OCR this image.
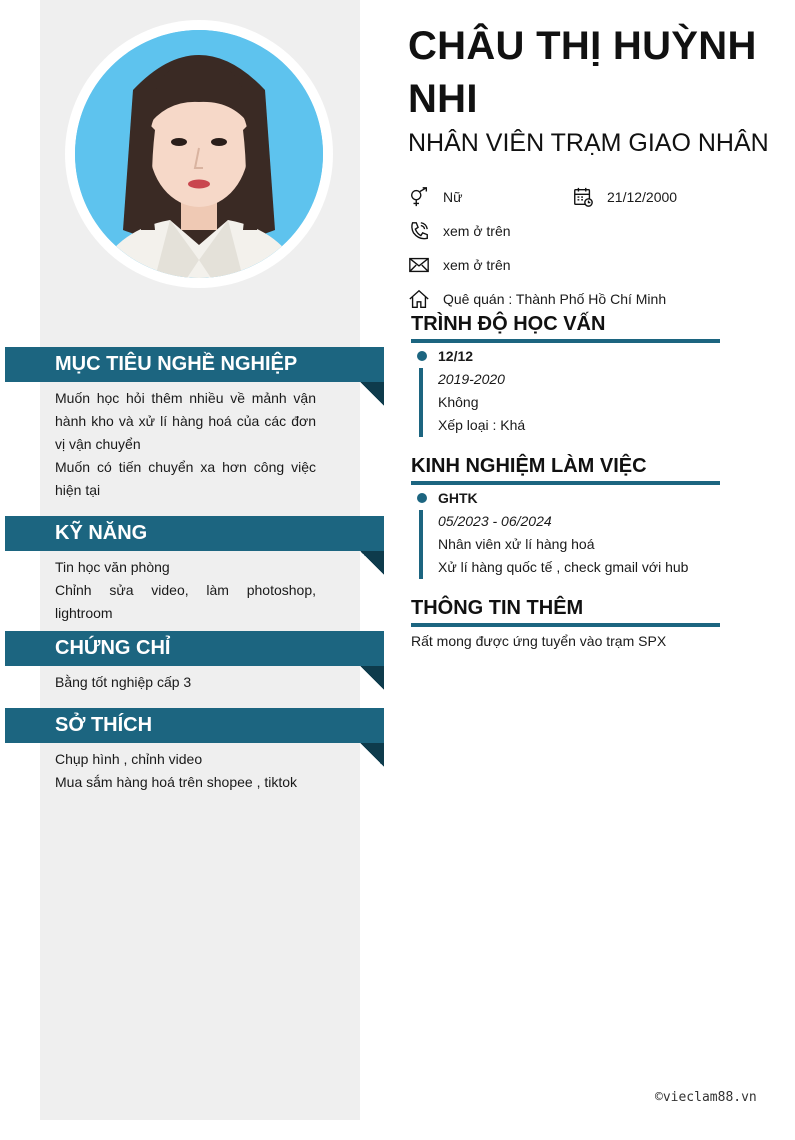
CHÂU THỊ HUỲNH NHI
NHÂN VIÊN TRẠM GIAO NHÂN
Nữ	21/12/2000
xem ở trên
xem ở trên
Quê quán : Thành Phố Hồ Chí Minh
MỤC TIÊU NGHỀ NGHIỆP

Muốn học hỏi thêm nhiều về mảnh vận hành kho và xử lí hàng hoá của các đơn vị vận chuyển

Muốn có tiến chuyển xa hơn công việc hiện tại

KỸ NĂNG

Tin học văn phòng

Chỉnh sửa video, làm photoshop, lightroom

CHỨNG CHỈ

Bằng tốt nghiệp cấp 3

SỞ THÍCH

Chụp hình , chỉnh video

Mua sắm hàng hoá trên shopee , tiktok

TRÌNH ĐỘ HỌC VẤN
12/12
2019-2020
Không
Xếp loại : Khá
KINH NGHIỆM LÀM VIỆC
GHTK
05/2023 - 06/2024
Nhân viên xử lí hàng hoá
Xử lí hàng quốc tế , check gmail với hub
THÔNG TIN THÊM
Rất mong được ứng tuyển vào trạm SPX
©vieclam88.vn
